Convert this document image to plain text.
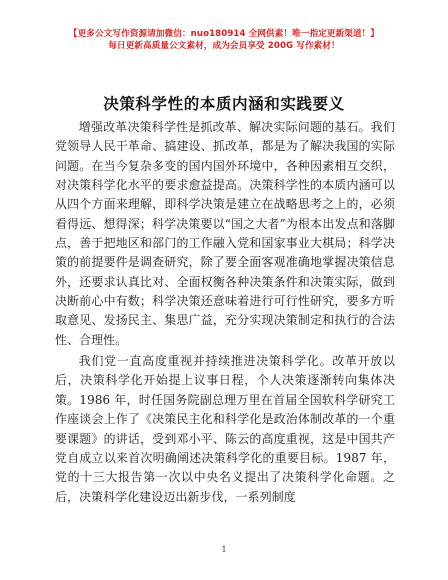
【更多公文写作资源请加微信：nuo180914 全网供素！唯一指定更新渠道！】
每日更新高质量公文素材，成为会员享受 200G 写作素材！
决策科学性的本质内涵和实践要义

增强改革决策科学性是抓改革、解决实际问题的基石。我们党领导人民干革命、搞建设、抓改革，都是为了解决我国的实际问题。在当今复杂多变的国内国外环境中，各种因素相互交织，对决策科学化水平的要求愈益提高。决策科学性的本质内涵可以从四个方面来理解，即科学决策是建立在战略思考之上的，必须看得远、想得深；科学决策要以“国之大者”为根本出发点和落脚点，善于把地区和部门的工作融入党和国家事业大棋局；科学决策的前提要件是调查研究，除了要全面客观准确地掌握决策信息外，还要求认真比对、全面权衡各种决策条件和决策实际，做到决断前心中有数；科学决策还意味着进行可行性研究，要多方听取意见、发扬民主、集思广益，充分实现决策制定和执行的合法性、合理性。

我们党一直高度重视并持续推进决策科学化。改革开放以后，决策科学化开始提上议事日程，个人决策逐渐转向集体决策。1986 年，时任国务院副总理万里在首届全国软科学研究工作座谈会上作了《决策民主化和科学化是政治体制改革的一个重要课题》的讲话，受到邓小平、陈云的高度重视，这是中国共产党自成立以来首次明确阐述决策科学化的重要目标。1987 年，党的十三大报告第一次以中央名义提出了决策科学化命题。之后，决策科学化建设迈出新步伐，一系列制度

1
